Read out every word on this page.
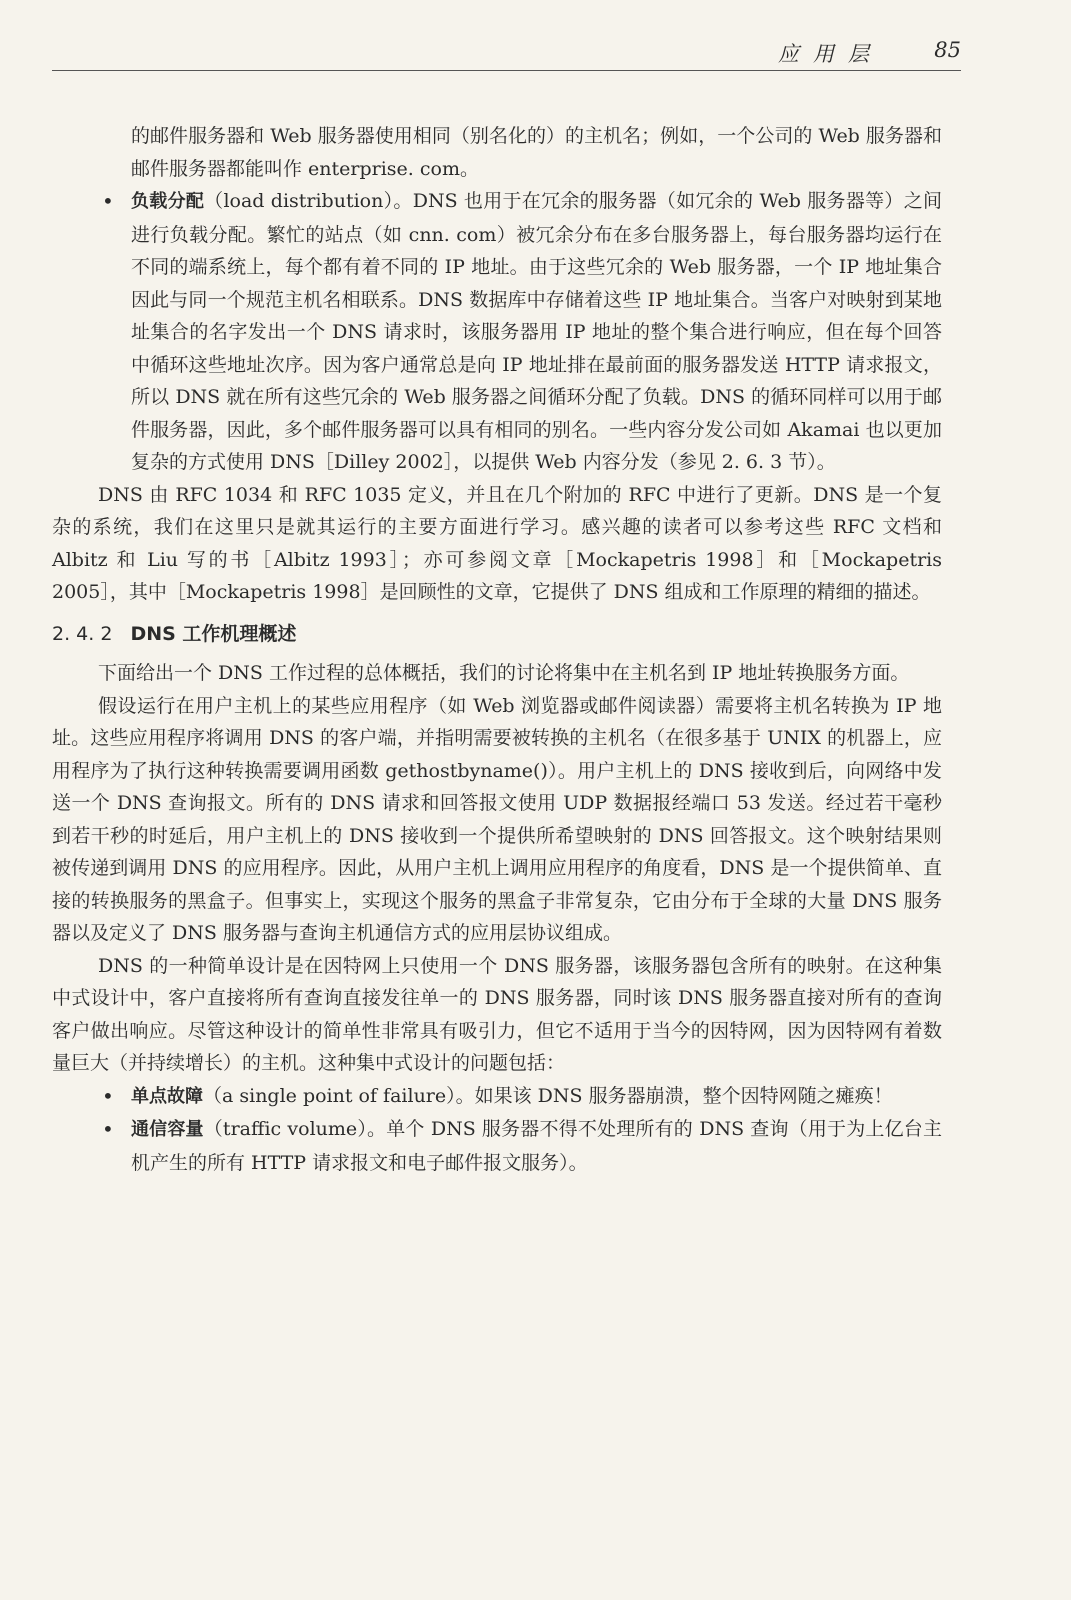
应用层 85

的邮件服务器和 Web 服务器使用相同（别名化的）的主机名；例如，一个公司的 Web 服务器和邮件服务器都能叫作 enterprise. com。

• 负载分配（load distribution）。DNS 也用于在冗余的服务器（如冗余的 Web 服务器等）之间进行负载分配。繁忙的站点（如 cnn. com）被冗余分布在多台服务器上，每台服务器均运行在不同的端系统上，每个都有着不同的 IP 地址。由于这些冗余的 Web 服务器，一个 IP 地址集合因此与同一个规范主机名相联系。DNS 数据库中存储着这些 IP 地址集合。当客户对映射到某地址集合的名字发出一个 DNS 请求时，该服务器用 IP 地址的整个集合进行响应，但在每个回答中循环这些地址次序。因为客户通常总是向 IP 地址排在最前面的服务器发送 HTTP 请求报文，所以 DNS 就在所有这些冗余的 Web 服务器之间循环分配了负载。DNS 的循环同样可以用于邮件服务器，因此，多个邮件服务器可以具有相同的别名。一些内容分发公司如 Akamai 也以更加复杂的方式使用 DNS［Dilley 2002］，以提供 Web 内容分发（参见 2. 6. 3 节）。

DNS 由 RFC 1034 和 RFC 1035 定义，并且在几个附加的 RFC 中进行了更新。DNS 是一个复杂的系统，我们在这里只是就其运行的主要方面进行学习。感兴趣的读者可以参考这些 RFC 文档和 Albitz 和 Liu 写的书［Albitz 1993］；亦可参阅文章［Mockapetris 1998］和［Mockapetris 2005］，其中［Mockapetris 1998］是回顾性的文章，它提供了 DNS 组成和工作原理的精细的描述。

2. 4. 2 DNS 工作机理概述

下面给出一个 DNS 工作过程的总体概括，我们的讨论将集中在主机名到 IP 地址转换服务方面。

假设运行在用户主机上的某些应用程序（如 Web 浏览器或邮件阅读器）需要将主机名转换为 IP 地址。这些应用程序将调用 DNS 的客户端，并指明需要被转换的主机名（在很多基于 UNIX 的机器上，应用程序为了执行这种转换需要调用函数 gethostbyname()）。用户主机上的 DNS 接收到后，向网络中发送一个 DNS 查询报文。所有的 DNS 请求和回答报文使用 UDP 数据报经端口 53 发送。经过若干毫秒到若干秒的时延后，用户主机上的 DNS 接收到一个提供所希望映射的 DNS 回答报文。这个映射结果则被传递到调用 DNS 的应用程序。因此，从用户主机上调用应用程序的角度看，DNS 是一个提供简单、直接的转换服务的黑盒子。但事实上，实现这个服务的黑盒子非常复杂，它由分布于全球的大量 DNS 服务器以及定义了 DNS 服务器与查询主机通信方式的应用层协议组成。

DNS 的一种简单设计是在因特网上只使用一个 DNS 服务器，该服务器包含所有的映射。在这种集中式设计中，客户直接将所有查询直接发往单一的 DNS 服务器，同时该 DNS 服务器直接对所有的查询客户做出响应。尽管这种设计的简单性非常具有吸引力，但它不适用于当今的因特网，因为因特网有着数量巨大（并持续增长）的主机。这种集中式设计的问题包括：

• 单点故障（a single point of failure）。如果该 DNS 服务器崩溃，整个因特网随之瘫痪！

• 通信容量（traffic volume）。单个 DNS 服务器不得不处理所有的 DNS 查询（用于为上亿台主机产生的所有 HTTP 请求报文和电子邮件报文服务）。
